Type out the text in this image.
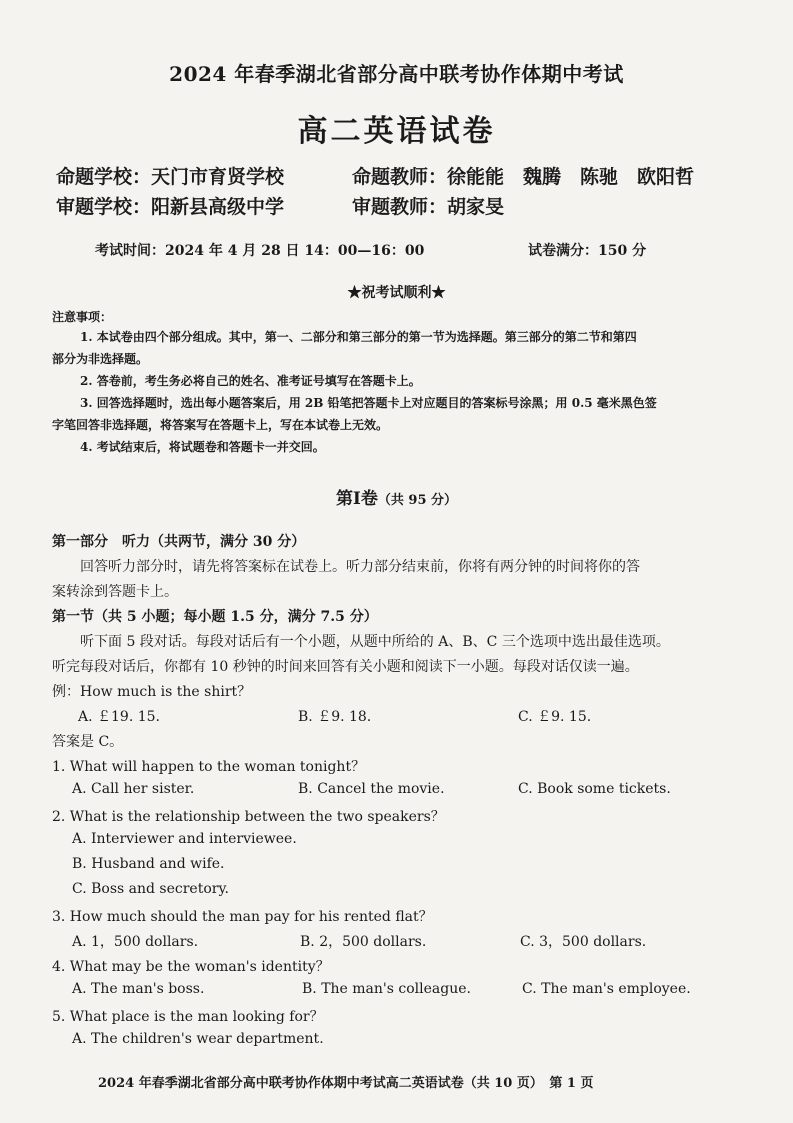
2024 年春季湖北省部分高中联考协作体期中考试
高二英语试卷
命题学校：天门市育贤学校	命题教师：徐能能　魏腾　陈驰　欧阳哲
审题学校：阳新县高级中学	审题教师：胡家旻
考试时间：2024 年 4 月 28 日 14：00—16：00	试卷满分：150 分
★祝考试顺利★
注意事项：
1. 本试卷由四个部分组成。其中，第一、二部分和第三部分的第一节为选择题。第三部分的第二节和第四
部分为非选择题。
2. 答卷前，考生务必将自己的姓名、准考证号填写在答题卡上。
3. 回答选择题时，选出每小题答案后，用 2B 铅笔把答题卡上对应题目的答案标号涂黑；用 0.5 毫米黑色签
字笔回答非选择题，将答案写在答题卡上，写在本试卷上无效。
4. 考试结束后，将试题卷和答题卡一并交回。
第Ⅰ卷（共 95 分）
第一部分　听力（共两节，满分 30 分）
回答听力部分时，请先将答案标在试卷上。听力部分结束前，你将有两分钟的时间将你的答
案转涂到答题卡上。
第一节（共 5 小题；每小题 1.5 分，满分 7.5 分）
听下面 5 段对话。每段对话后有一个小题，从题中所给的 A、B、C 三个选项中选出最佳选项。
听完每段对话后，你都有 10 秒钟的时间来回答有关小题和阅读下一小题。每段对话仅读一遍。
例：How much is the shirt？
A. ￡19. 15.	B. ￡9. 18.	C. ￡9. 15.
答案是 C。
1. What will happen to the woman tonight？
A. Call her sister.	B. Cancel the movie.	C. Book some tickets.
2. What is the relationship between the two speakers？
A. Interviewer and interviewee.
B. Husband and wife.
C. Boss and secretory.
3. How much should the man pay for his rented flat？
A. 1，500 dollars.	B. 2，500 dollars.	C. 3，500 dollars.
4. What may be the woman's identity？
A. The man's boss.	B. The man's colleague.	C. The man's employee.
5. What place is the man looking for？
A. The children's wear department.
2024 年春季湖北省部分高中联考协作体期中考试高二英语试卷（共 10 页）　第 1 页
